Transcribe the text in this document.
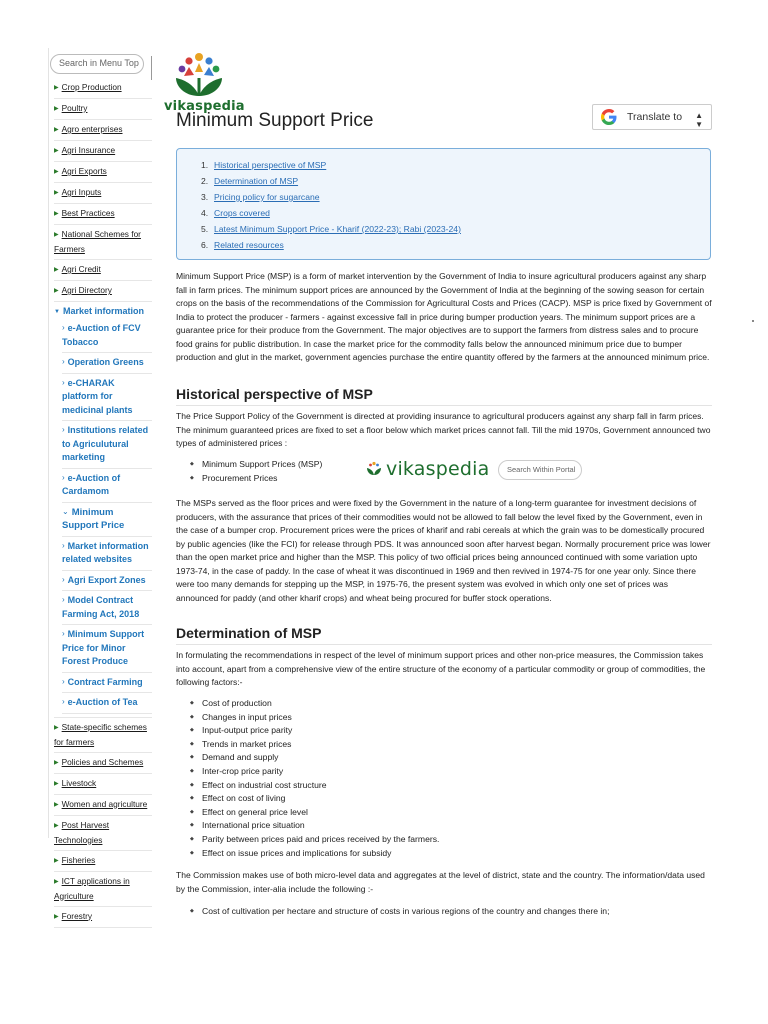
Search in Menu Top
▶ Crop Production
▶ Poultry
▶ Agro enterprises
▶ Agri Insurance
▶ Agri Exports
▶ Agri Inputs
▶ Best Practices
▶ National Schemes for Farmers
▶ Agri Credit
▶ Agri Directory
▼ Market information
› e-Auction of FCV Tobacco
› Operation Greens
› e-CHARAK platform for medicinal plants
› Institutions related to Agriculutural marketing
› e-Auction of Cardamom
⌄ Minimum Support Price
› Market information related websites
› Agri Export Zones
› Model Contract Farming Act, 2018
› Minimum Support Price for Minor Forest Produce
› Contract Farming
› e-Auction of Tea
▶ State-specific schemes for farmers
▶ Policies and Schemes
▶ Livestock
▶ Women and agriculture
▶ Post Harvest Technologies
▶ Fisheries
▶ ICT applications in Agriculture
▶ Forestry
vikaspedia
Minimum Support Price	Translate to ▲
▼
1. Historical perspective of MSP
2. Determination of MSP
3. Pricing policy for sugarcane
4. Crops covered
5. Latest Minimum Support Price - Kharif (2022-23); Rabi (2023-24)
6. Related resources

Minimum Support Price (MSP) is a form of market intervention by the Government of India to insure agricultural producers against any sharp fall in farm prices. The minimum support prices are announced by the Government of India at the beginning of the sowing season for certain crops on the basis of the recommendations of the Commission for Agricultural Costs and Prices (CACP). MSP is price fixed by Government of India to protect the producer - farmers - against excessive fall in price during bumper production years. The minimum support prices are a guarantee price for their produce from the Government. The major objectives are to support the farmers from distress sales and to procure food grains for public distribution. In case the market price for the commodity falls below the announced minimum price due to bumper production and glut in the market, government agencies purchase the entire quantity offered by the farmers at the announced minimum price.

Historical perspective of MSP

The Price Support Policy of the Government is directed at providing insurance to agricultural producers against any sharp fall in farm prices. The minimum guaranteed prices are fixed to set a floor below which market prices cannot fall. Till the mid 1970s, Government announced two types of administered prices :

◆ Minimum Support Prices (MSP)
◆ Procurement Prices	vikaspedia	Search Within Portal

The MSPs served as the floor prices and were fixed by the Government in the nature of a long-term guarantee for investment decisions of producers, with the assurance that prices of their commodities would not be allowed to fall below the level fixed by the Government, even in the case of a bumper crop. Procurement prices were the prices of kharif and rabi cereals at which the grain was to be domestically procured by public agencies (like the FCI) for release through PDS. It was announced soon after harvest began. Normally procurement price was lower than the open market price and higher than the MSP. This policy of two official prices being announced continued with some variation upto 1973-74, in the case of paddy. In the case of wheat it was discontinued in 1969 and then revived in 1974-75 for one year only. Since there were too many demands for stepping up the MSP, in 1975-76, the present system was evolved in which only one set of prices was announced for paddy (and other kharif crops) and wheat being procured for buffer stock operations.

Determination of MSP

In formulating the recommendations in respect of the level of minimum support prices and other non-price measures, the Commission takes into account, apart from a comprehensive view of the entire structure of the economy of a particular commodity or group of commodities, the following factors:-

◆ Cost of production
◆ Changes in input prices
◆ Input-output price parity
◆ Trends in market prices
◆ Demand and supply
◆ Inter-crop price parity
◆ Effect on industrial cost structure
◆ Effect on cost of living
◆ Effect on general price level
◆ International price situation
◆ Parity between prices paid and prices received by the farmers.
◆ Effect on issue prices and implications for subsidy

The Commission makes use of both micro-level data and aggregates at the level of district, state and the country. The information/data used by the Commission, inter-alia include the following :-

◆ Cost of cultivation per hectare and structure of costs in various regions of the country and changes there in;
